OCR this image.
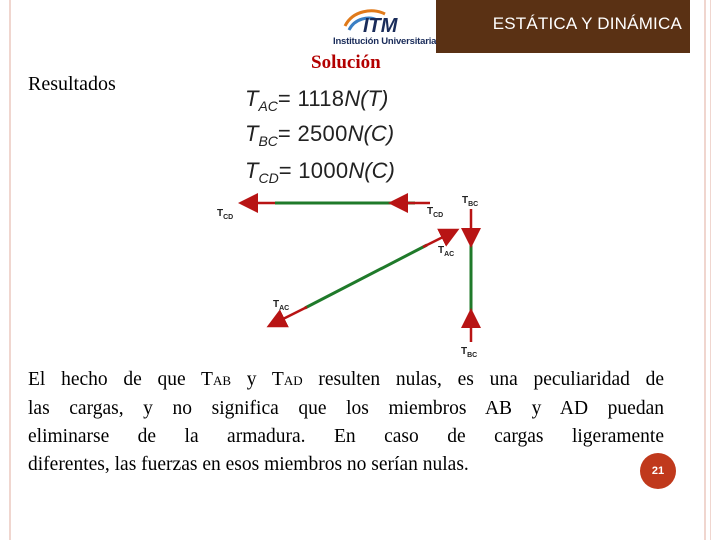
ESTÁTICA Y DINÁMICA
ITM
Institución Universitaria
Solución
Resultados
$T_{AC}= 1118N(T)$
$T_{BC}= 2500N(C)$
$T_{CD}= 1000N(C)$
$T_{CD}$
$T_{CD}$
$T_{BC}$
$T_{AC}$
$T_{AC}$
$T_{BC}$
El hecho de que TAB y TAD resulten nulas, es una peculiaridad de
las cargas, y no significa que los miembros AB y AD puedan
eliminarse de la armadura. En caso de cargas ligeramente
diferentes, las fuerzas en esos miembros no serían nulas.	21
